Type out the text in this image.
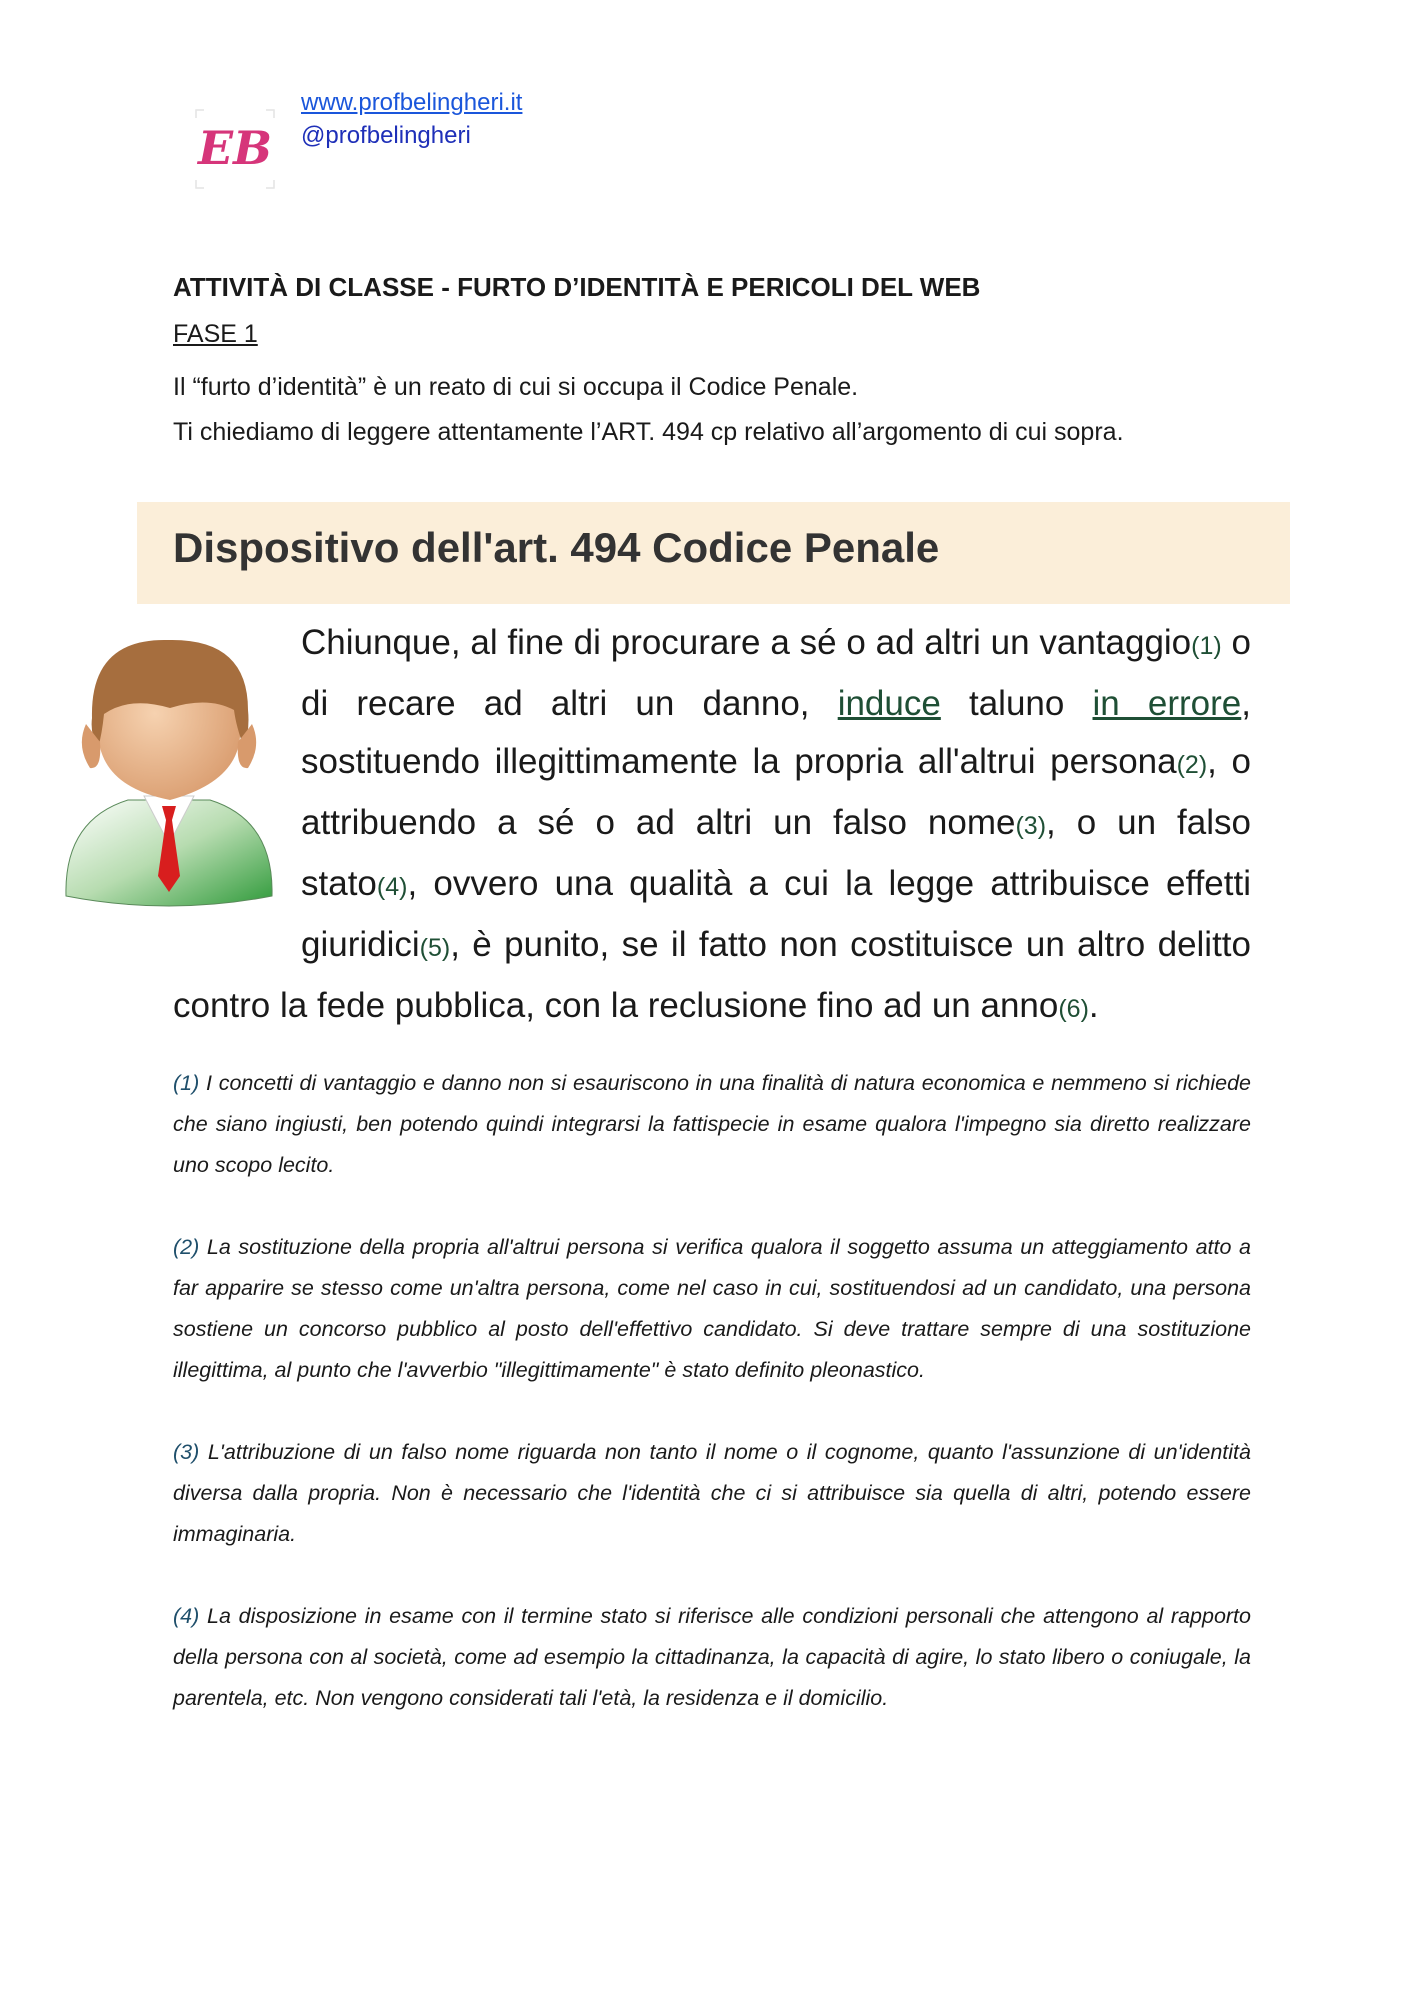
EB
www.profbelingheri.it
@profbelingheri
ATTIVITÀ DI CLASSE - FURTO D’IDENTITÀ E PERICOLI DEL WEB
FASE 1

Il “furto d’identità” è un reato di cui si occupa il Codice Penale.

Ti chiediamo di leggere attentamente l’ART. 494 cp relativo all’argomento di cui sopra.

Dispositivo dell'art. 494 Codice Penale

Chiunque, al fine di procurare a sé o ad altri un vantaggio(1) o di recare ad altri un danno, induce taluno in errore, sostituendo illegittimamente la propria all'altrui persona(2), o attribuendo a sé o ad altri un falso nome(3), o un falso stato(4), ovvero una qualità a cui la legge attribuisce effetti giuridici(5), è punito, se il fatto non costituisce un altro delitto contro la fede pubblica, con la reclusione fino ad un anno(6).

(1) I concetti di vantaggio e danno non si esauriscono in una finalità di natura economica e nemmeno si richiede che siano ingiusti, ben potendo quindi integrarsi la fattispecie in esame qualora l'impegno sia diretto realizzare uno scopo lecito.

(2) La sostituzione della propria all'altrui persona si verifica qualora il soggetto assuma un atteggiamento atto a far apparire se stesso come un'altra persona, come nel caso in cui, sostituendosi ad un candidato, una persona sostiene un concorso pubblico al posto dell'effettivo candidato. Si deve trattare sempre di una sostituzione illegittima, al punto che l'avverbio "illegittimamente" è stato definito pleonastico.

(3) L'attribuzione di un falso nome riguarda non tanto il nome o il cognome, quanto l'assunzione di un'identità diversa dalla propria. Non è necessario che l'identità che ci si attribuisce sia quella di altri, potendo essere immaginaria.

(4) La disposizione in esame con il termine stato si riferisce alle condizioni personali che attengono al rapporto della persona con al società, come ad esempio la cittadinanza, la capacità di agire, lo stato libero o coniugale, la parentela, etc. Non vengono considerati tali l'età, la residenza e il domicilio.
